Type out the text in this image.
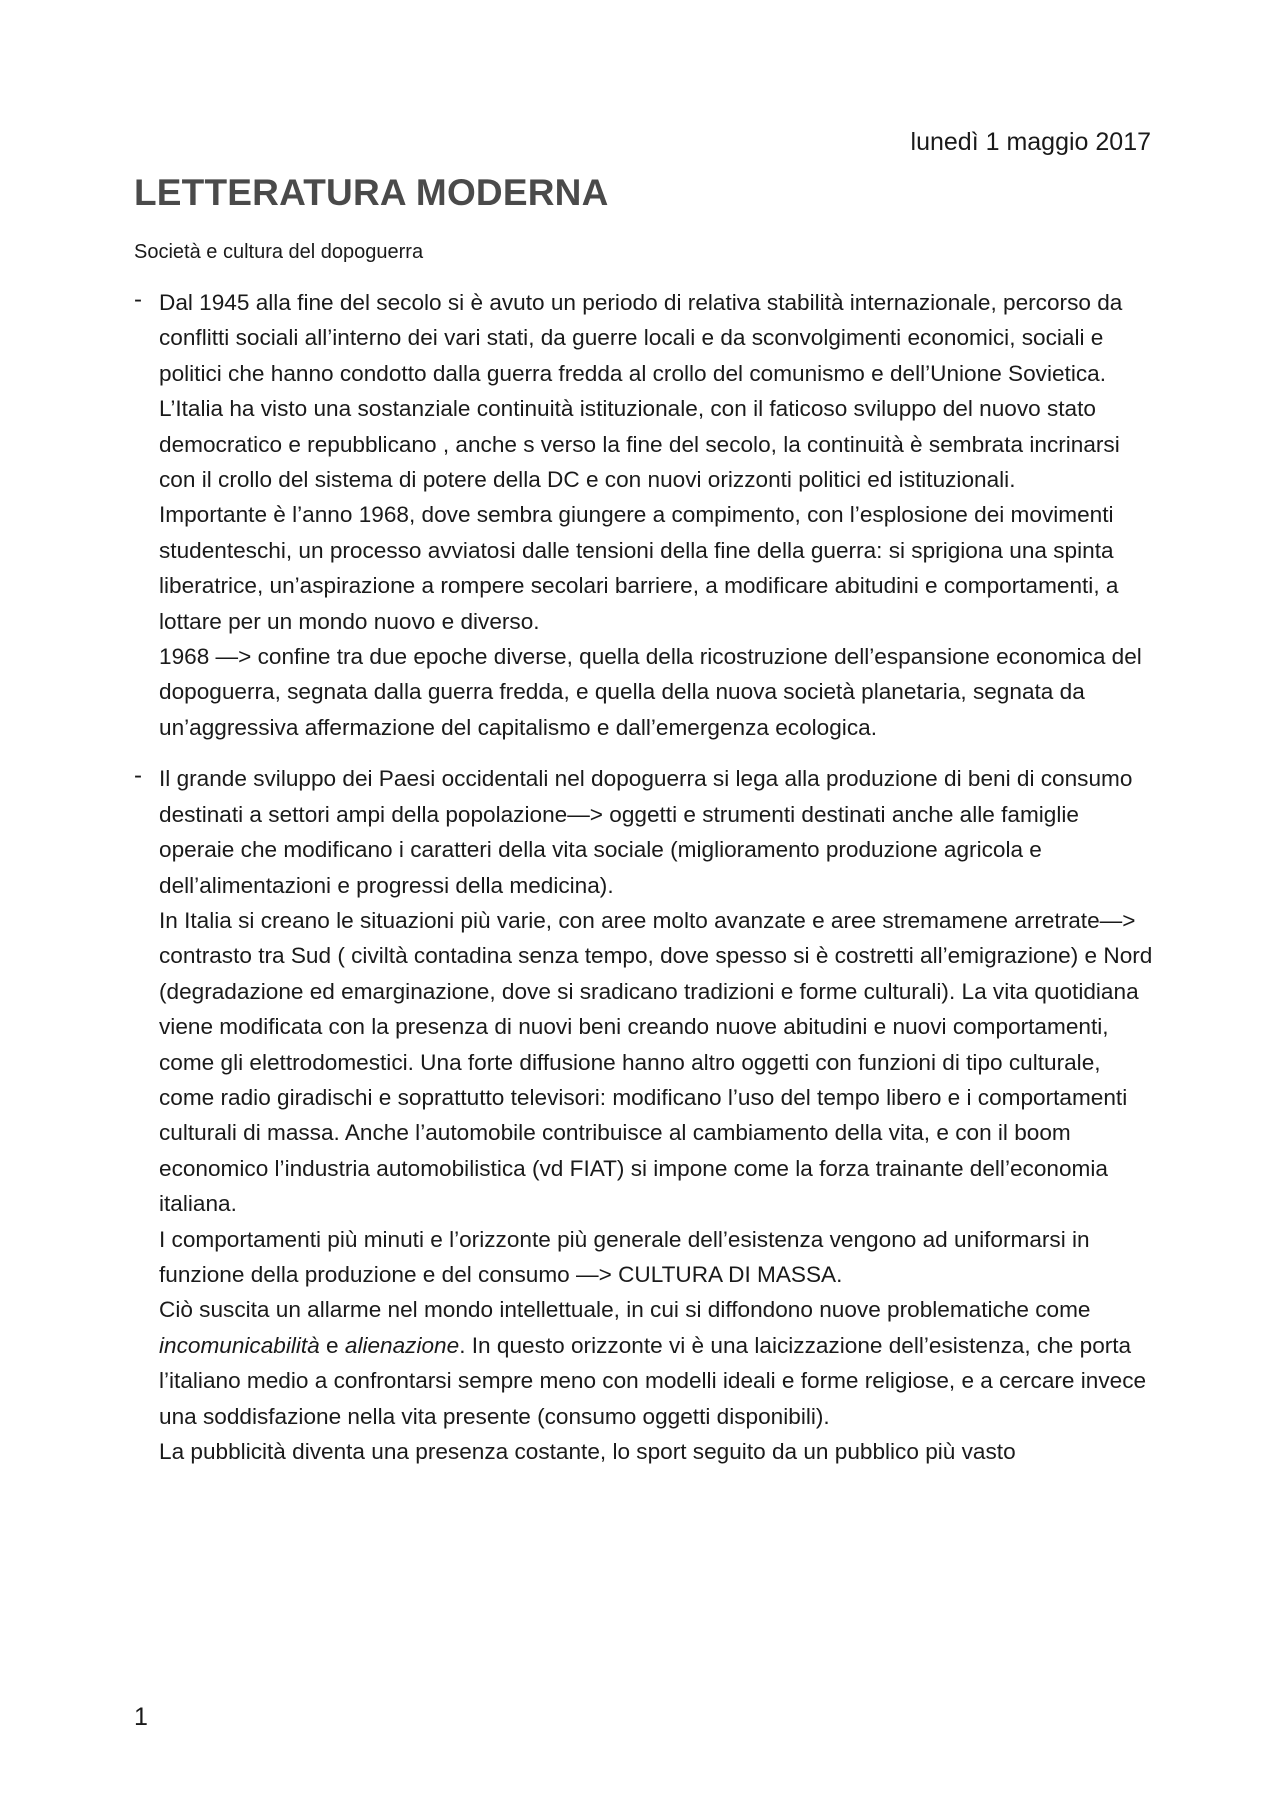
lunedì 1 maggio 2017
LETTERATURA MODERNA
Società e cultura del dopoguerra
- Dal 1945 alla fine del secolo si è avuto un periodo di relativa stabilità internazionale, percorso da conflitti sociali all’interno dei vari stati, da guerre locali e da sconvolgimenti economici, sociali e politici che hanno condotto dalla guerra fredda al crollo del comunismo e dell’Unione Sovietica. L’Italia ha visto una sostanziale continuità istituzionale, con il faticoso sviluppo del nuovo stato democratico e repubblicano , anche s verso la fine del secolo, la continuità è sembrata incrinarsi con il crollo del sistema di potere della DC e con nuovi orizzonti politici ed istituzionali.

Importante è l’anno 1968, dove sembra giungere a compimento, con l’esplosione dei movimenti studenteschi, un processo avviatosi dalle tensioni della fine della guerra: si sprigiona una spinta liberatrice, un’aspirazione a rompere secolari barriere, a modificare abitudini e comportamenti, a lottare per un mondo nuovo e diverso.

1968 —> confine tra due epoche diverse, quella della ricostruzione dell’espansione economica del dopoguerra, segnata dalla guerra fredda, e quella della nuova società planetaria, segnata da un’aggressiva affermazione del capitalismo e dall’emergenza ecologica.

- Il grande sviluppo dei Paesi occidentali nel dopoguerra si lega alla produzione di beni di consumo destinati a settori ampi della popolazione—> oggetti e strumenti destinati anche alle famiglie operaie che modificano i caratteri della vita sociale (miglioramento produzione agricola e dell’alimentazioni e progressi della medicina).

In Italia si creano le situazioni più varie, con aree molto avanzate e aree stremamene arretrate—> contrasto tra Sud ( civiltà contadina senza tempo, dove spesso si è costretti all’emigrazione) e Nord (degradazione ed emarginazione, dove si sradicano tradizioni e forme culturali). La vita quotidiana viene modificata con la presenza di nuovi beni creando nuove abitudini e nuovi comportamenti, come gli elettrodomestici. Una forte diffusione hanno altro oggetti con funzioni di tipo culturale, come radio giradischi e soprattutto televisori: modificano l’uso del tempo libero e i comportamenti culturali di massa. Anche l’automobile contribuisce al cambiamento della vita, e con il boom economico l’industria automobilistica (vd FIAT) si impone come la forza trainante dell’economia italiana.

I comportamenti più minuti e l’orizzonte più generale dell’esistenza vengono ad uniformarsi in funzione della produzione e del consumo —> CULTURA DI MASSA.

Ciò suscita un allarme nel mondo intellettuale, in cui si diffondono nuove problematiche come incomunicabilità e alienazione. In questo orizzonte vi è una laicizzazione dell’esistenza, che porta l’italiano medio a confrontarsi sempre meno con modelli ideali e forme religiose, e a cercare invece una soddisfazione nella vita presente (consumo oggetti disponibili).

La pubblicità diventa una presenza costante, lo sport seguito da un pubblico più vasto

1
